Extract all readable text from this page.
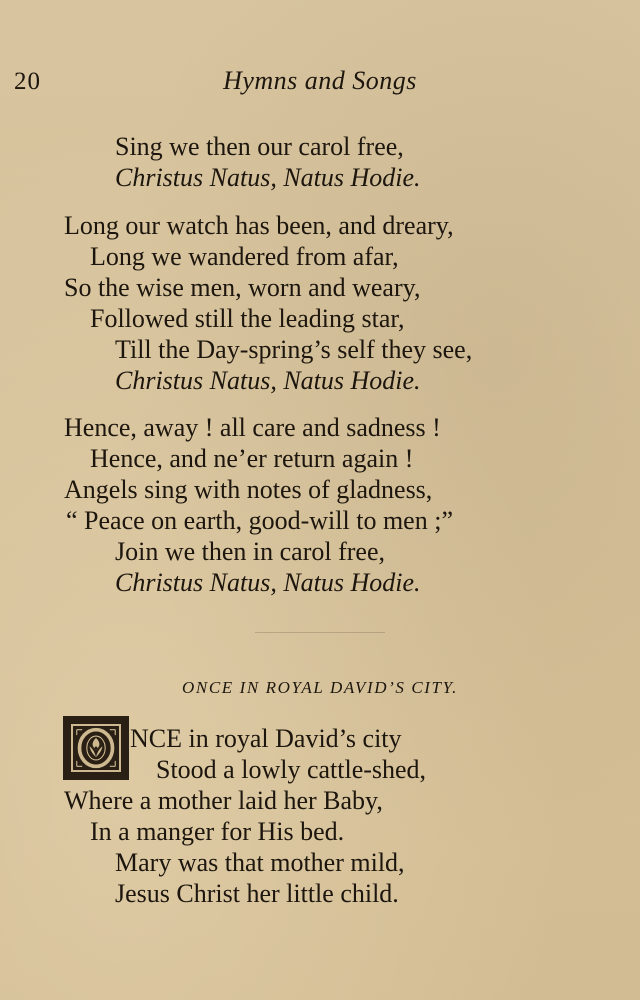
20	Hymns and Songs
Sing we then our carol free,
Christus Natus, Natus Hodie.
Long our watch has been, and dreary,
Long we wandered from afar,
So the wise men, worn and weary,
Followed still the leading star,
Till the Day-spring’s self they see,
Christus Natus, Natus Hodie.
Hence, away ! all care and sadness !
Hence, and ne’er return again !
Angels sing with notes of gladness,
“ Peace on earth, good-will to men ;”
Join we then in carol free,
Christus Natus, Natus Hodie.
ONCE IN ROYAL DAVID’S CITY.
NCE in royal David’s city
Stood a lowly cattle-shed,
Where a mother laid her Baby,
In a manger for His bed.
Mary was that mother mild,
Jesus Christ her little child.
